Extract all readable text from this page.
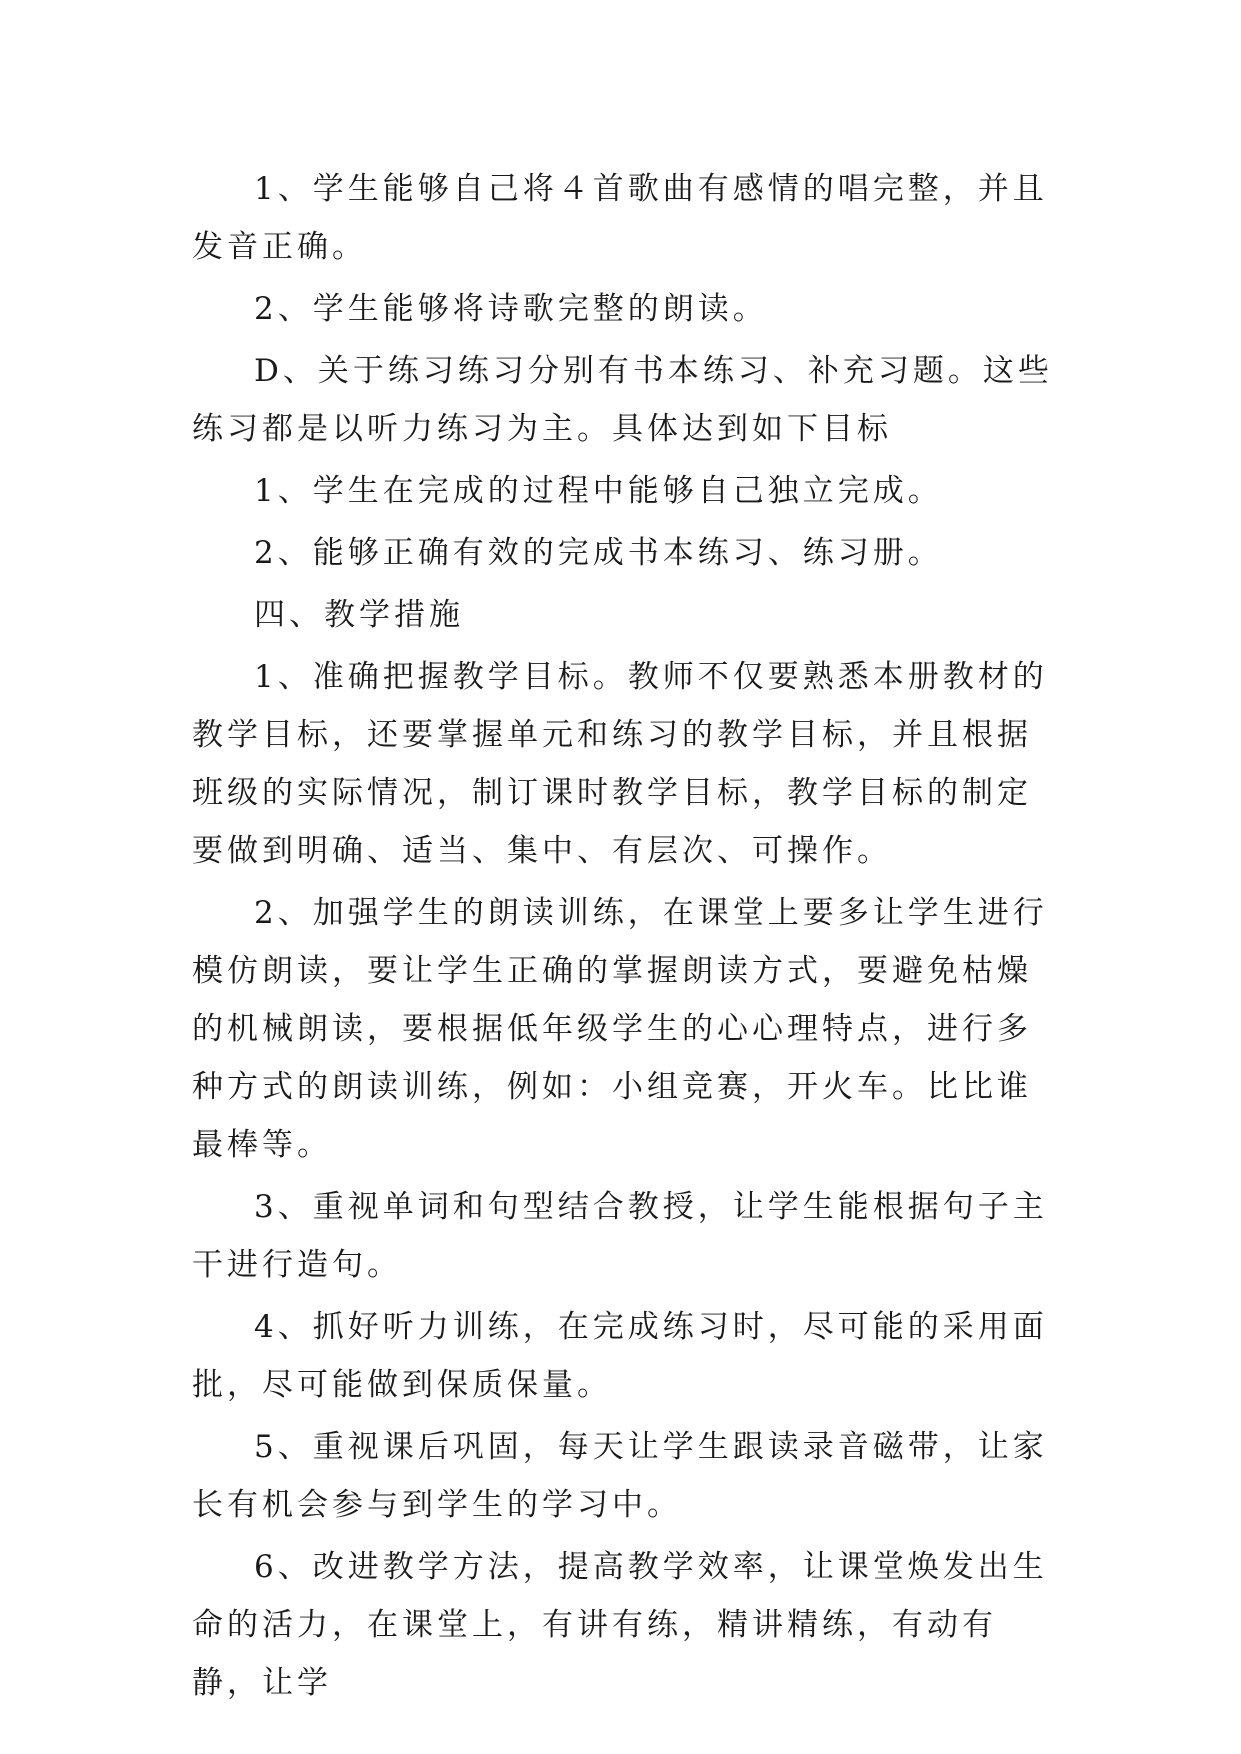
1、学生能够自己将４首歌曲有感情的唱完整，并且发音正确。

2、学生能够将诗歌完整的朗读。

D、关于练习练习分别有书本练习、补充习题。这些练习都是以听力练习为主。具体达到如下目标

1、学生在完成的过程中能够自己独立完成。

2、能够正确有效的完成书本练习、练习册。

四、教学措施

1、准确把握教学目标。教师不仅要熟悉本册教材的教学目标，还要掌握单元和练习的教学目标，并且根据班级的实际情况，制订课时教学目标，教学目标的制定要做到明确、适当、集中、有层次、可操作。

2、加强学生的朗读训练，在课堂上要多让学生进行模仿朗读，要让学生正确的掌握朗读方式，要避免枯燥的机械朗读，要根据低年级学生的心心理特点，进行多种方式的朗读训练，例如：小组竞赛，开火车。比比谁最棒等。

3、重视单词和句型结合教授，让学生能根据句子主干进行造句。

4、抓好听力训练，在完成练习时，尽可能的采用面批，尽可能做到保质保量。

5、重视课后巩固，每天让学生跟读录音磁带，让家长有机会参与到学生的学习中。

6、改进教学方法，提高教学效率，让课堂焕发出生命的活力，在课堂上，有讲有练，精讲精练，有动有静，让学
